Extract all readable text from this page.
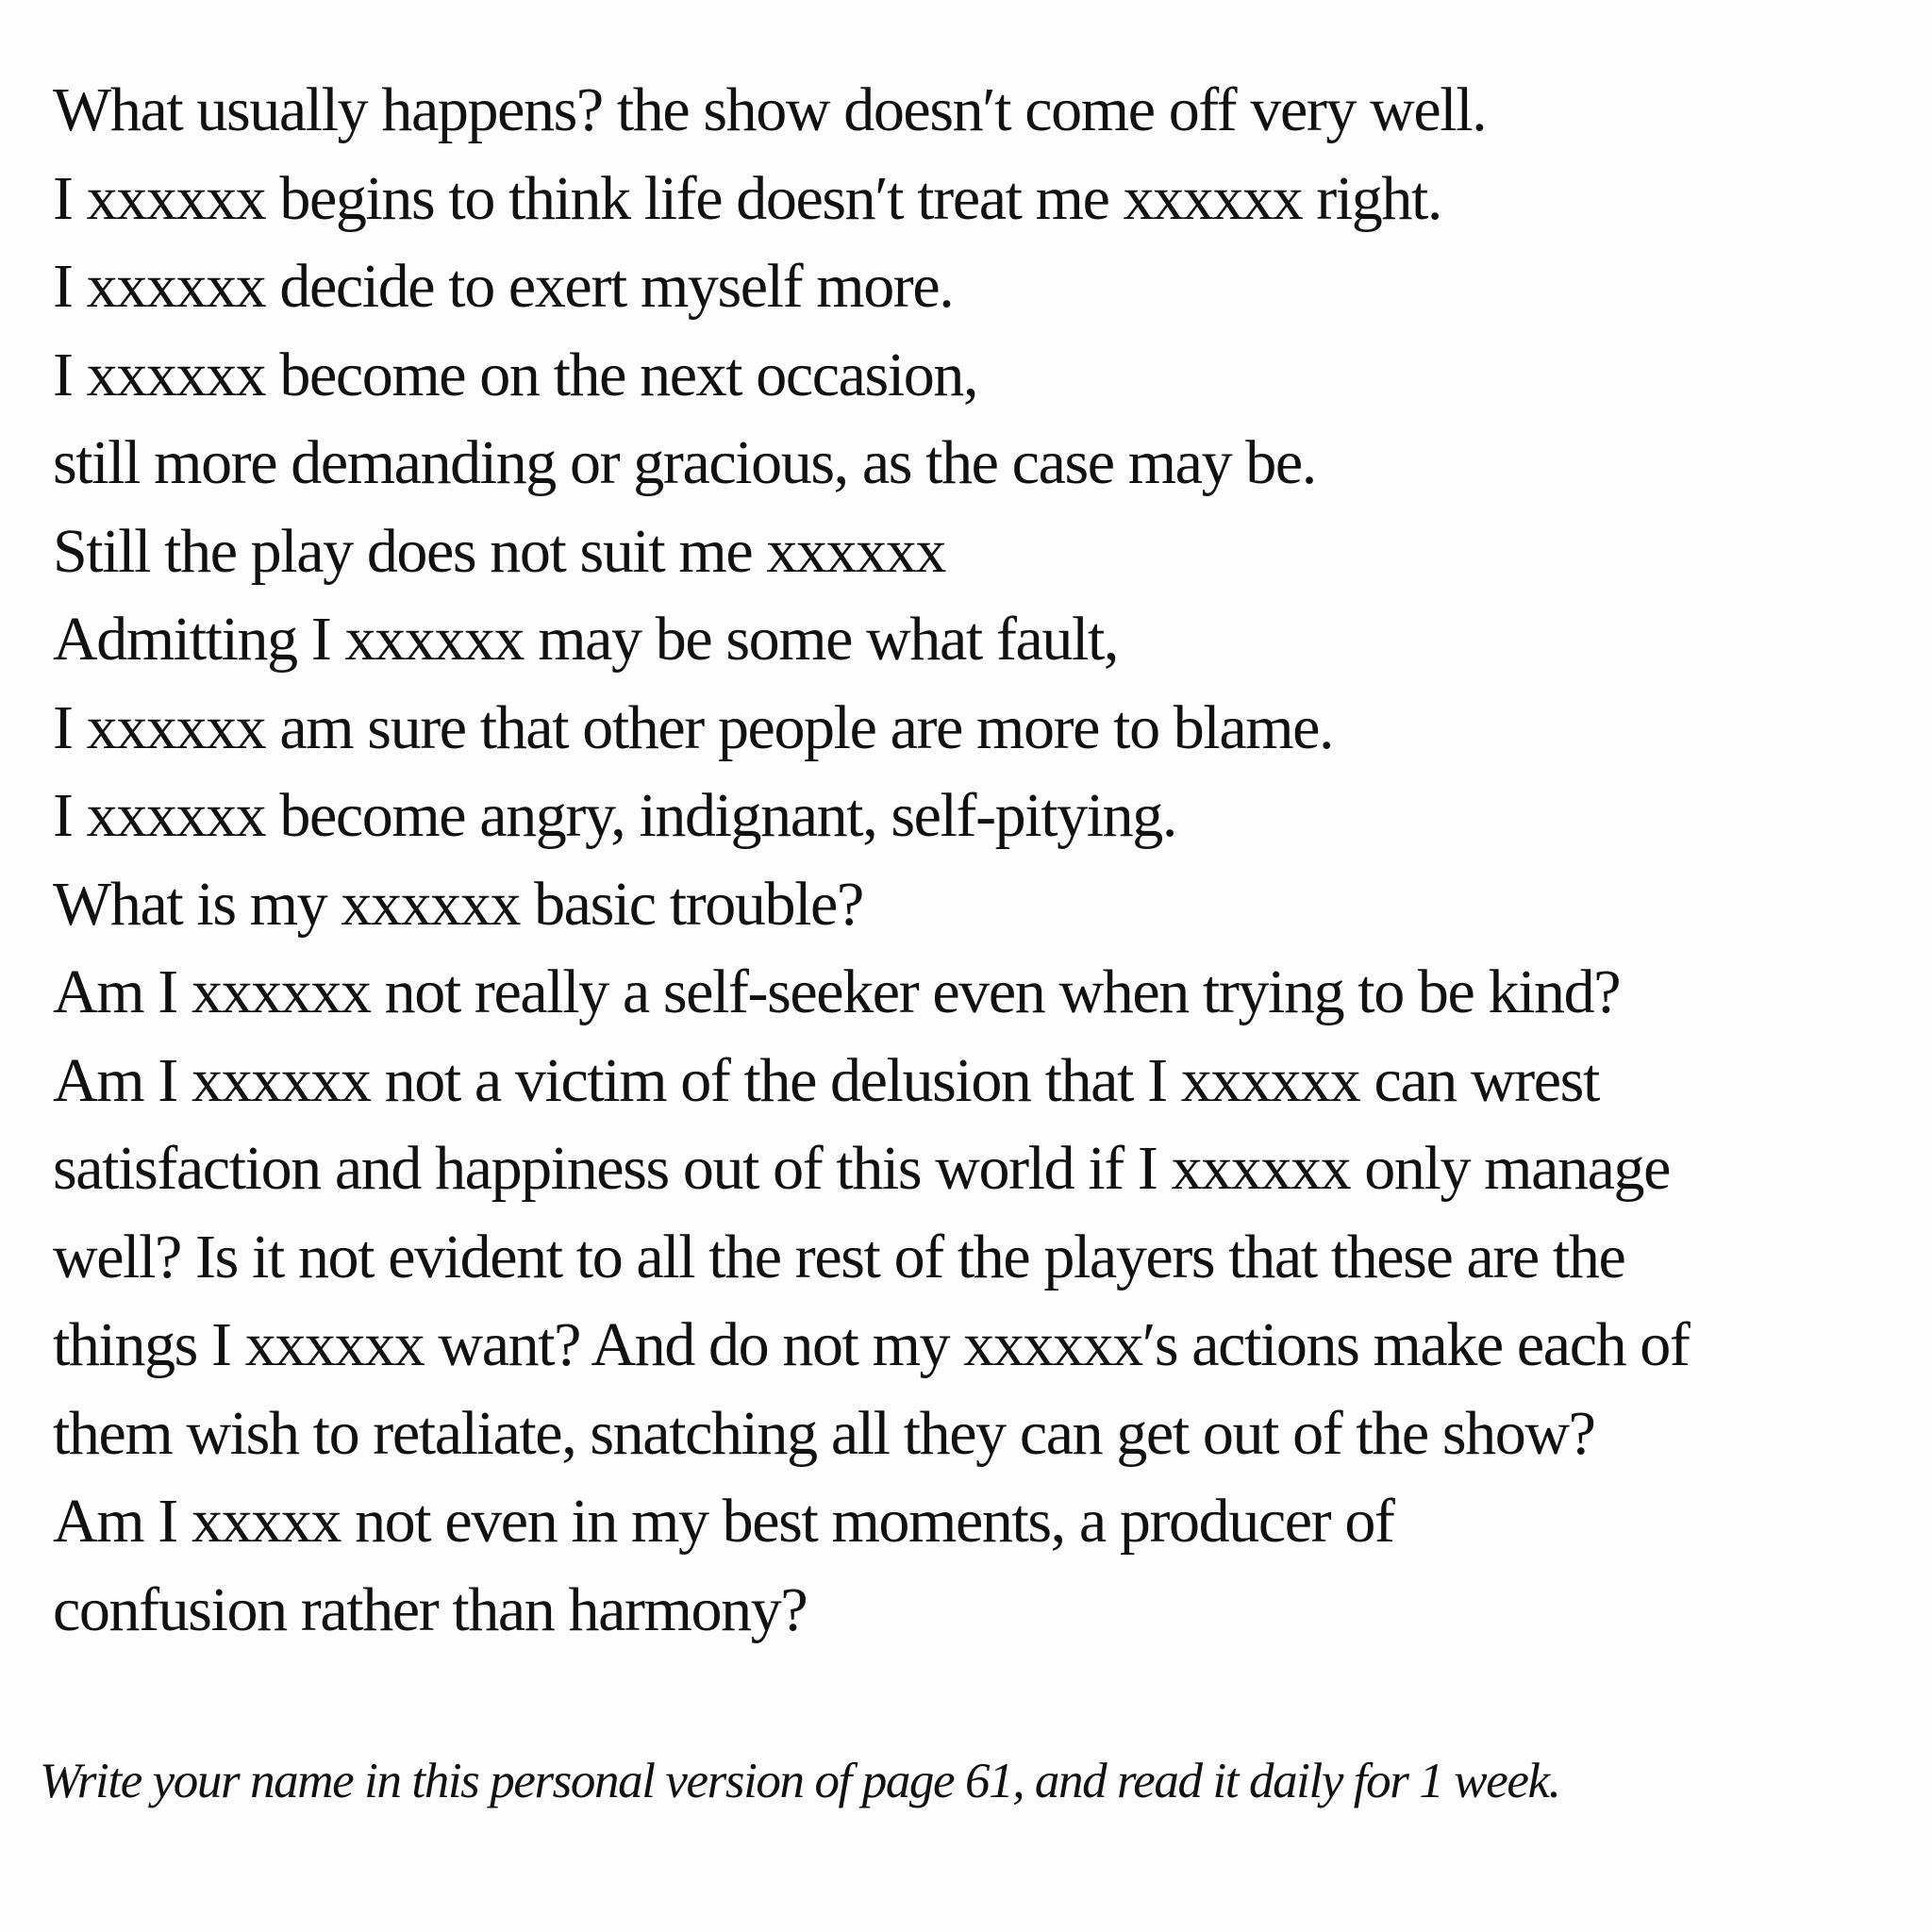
What usually happens? the show doesn′t come off very well.
I xxxxxx begins to think life doesn′t treat me xxxxxx right.
I xxxxxx decide to exert myself more.
I xxxxxx become on the next occasion,
still more demanding or gracious, as the case may be.
Still the play does not suit me xxxxxx
Admitting I xxxxxx may be some what fault,
I xxxxxx am sure that other people are more to blame.
I xxxxxx become angry, indignant, self-pitying.
What is my xxxxxx basic trouble?
Am I xxxxxx not really a self-seeker even when trying to be kind?
Am I xxxxxx not a victim of the delusion that I xxxxxx can wrest
satisfaction and happiness out of this world if I xxxxxx only manage
well? Is it not evident to all the rest of the players that these are the
things I xxxxxx want? And do not my xxxxxx′s actions make each of
them wish to retaliate, snatching all they can get out of the show?
Am I xxxxx not even in my best moments, a producer of
confusion rather than harmony?

Write your name in this personal version of page 61, and read it daily for 1 week.
